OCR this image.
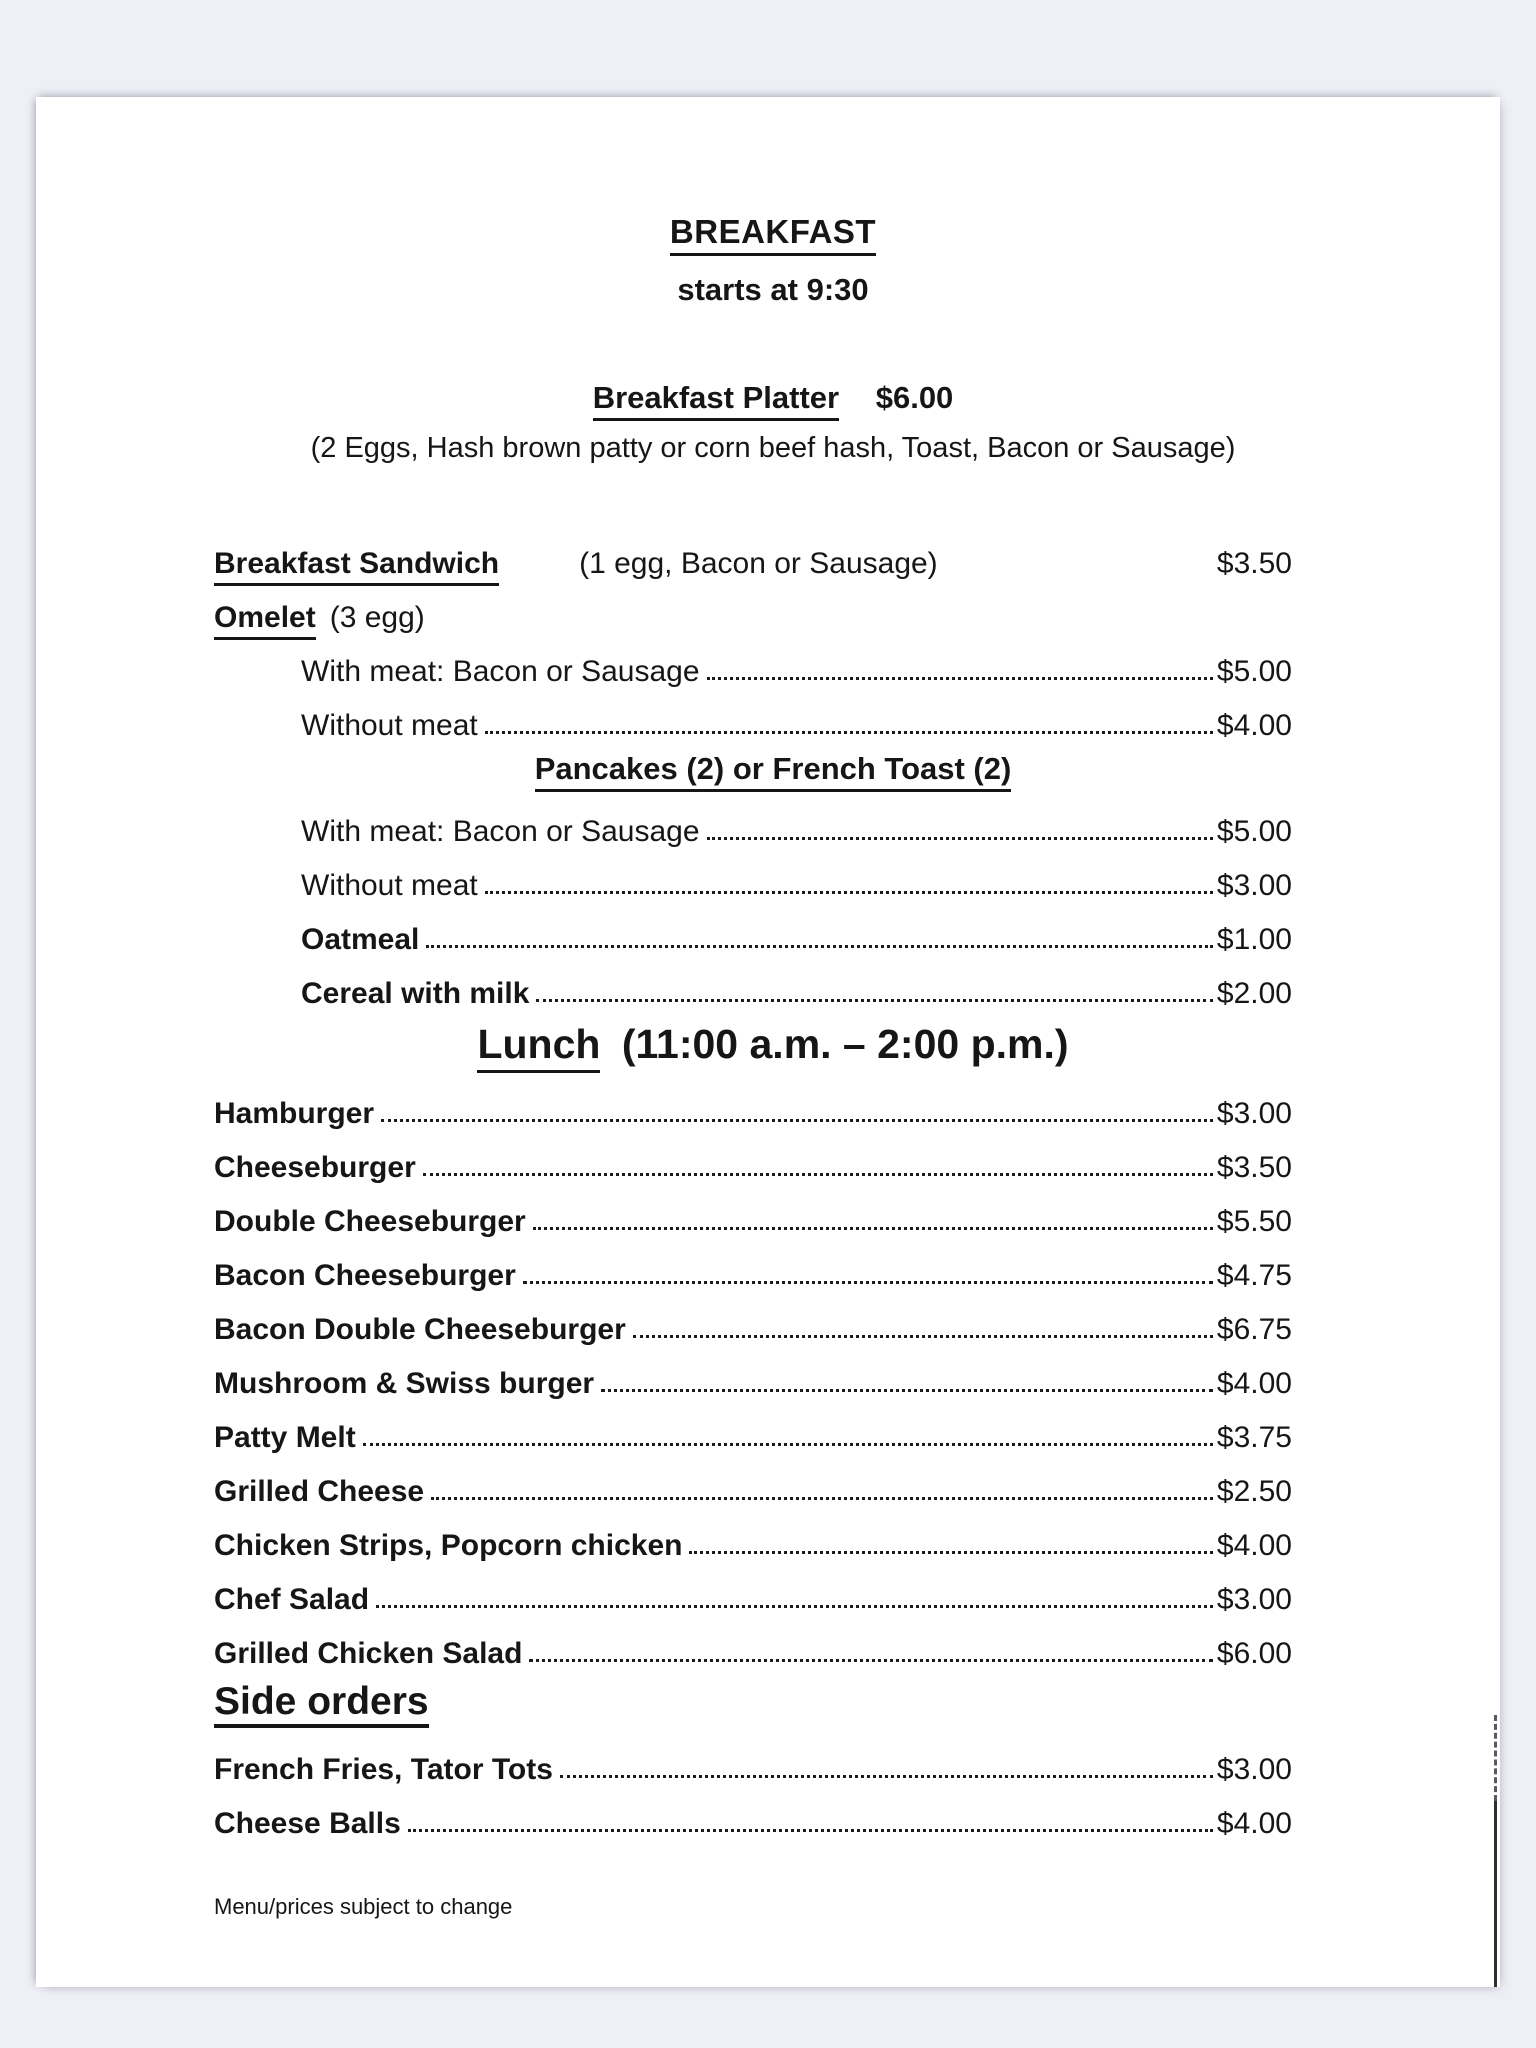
BREAKFAST
starts at 9:30
Breakfast Platter $6.00
(2 Eggs, Hash brown patty or corn beef hash, Toast, Bacon or Sausage)
Breakfast Sandwich	(1 egg, Bacon or Sausage)	$3.50
Omelet (3 egg)
With meat: Bacon or Sausage	$5.00
Without meat	$4.00
Pancakes (2) or French Toast (2)
With meat: Bacon or Sausage	$5.00
Without meat	$3.00
Oatmeal	$1.00
Cereal with milk	$2.00
Lunch (11:00 a.m. – 2:00 p.m.)
Hamburger	$3.00
Cheeseburger	$3.50
Double Cheeseburger	$5.50
Bacon Cheeseburger	$4.75
Bacon Double Cheeseburger	$6.75
Mushroom & Swiss burger	$4.00
Patty Melt	$3.75
Grilled Cheese	$2.50
Chicken Strips, Popcorn chicken	$4.00
Chef Salad	$3.00
Grilled Chicken Salad	$6.00
Side orders
French Fries, Tator Tots	$3.00
Cheese Balls	$4.00
Menu/prices subject to change
